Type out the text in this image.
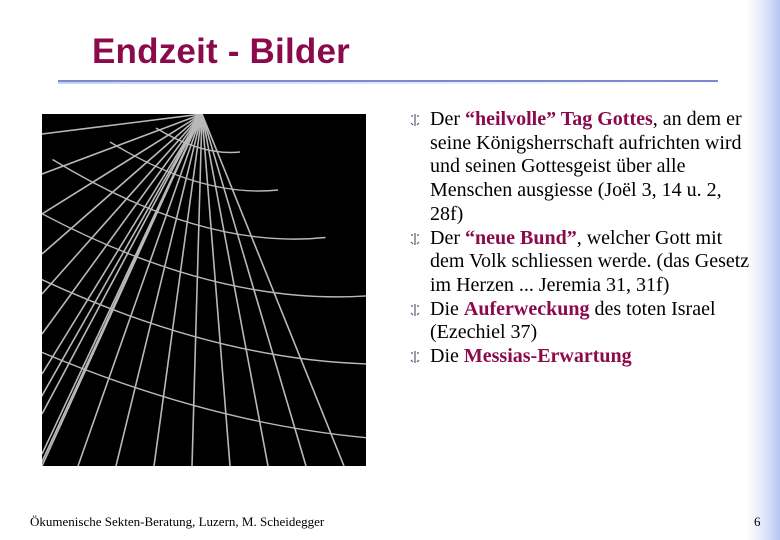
Endzeit - Bilder
Der “heilvolle” Tag Gottes, an dem er seine Königsherrschaft aufrichten wird und seinen Gottesgeist über alle Menschen ausgiesse (Joël 3, 14 u. 2, 28f)
Der “neue Bund”, welcher Gott mit dem Volk schliessen werde. (das Gesetz im Herzen ... Jeremia 31, 31f)
Die Auferweckung des toten Israel (Ezechiel 37)
Die Messias-Erwartung
Ökumenische Sekten-Beratung, Luzern, M. Scheidegger	6
